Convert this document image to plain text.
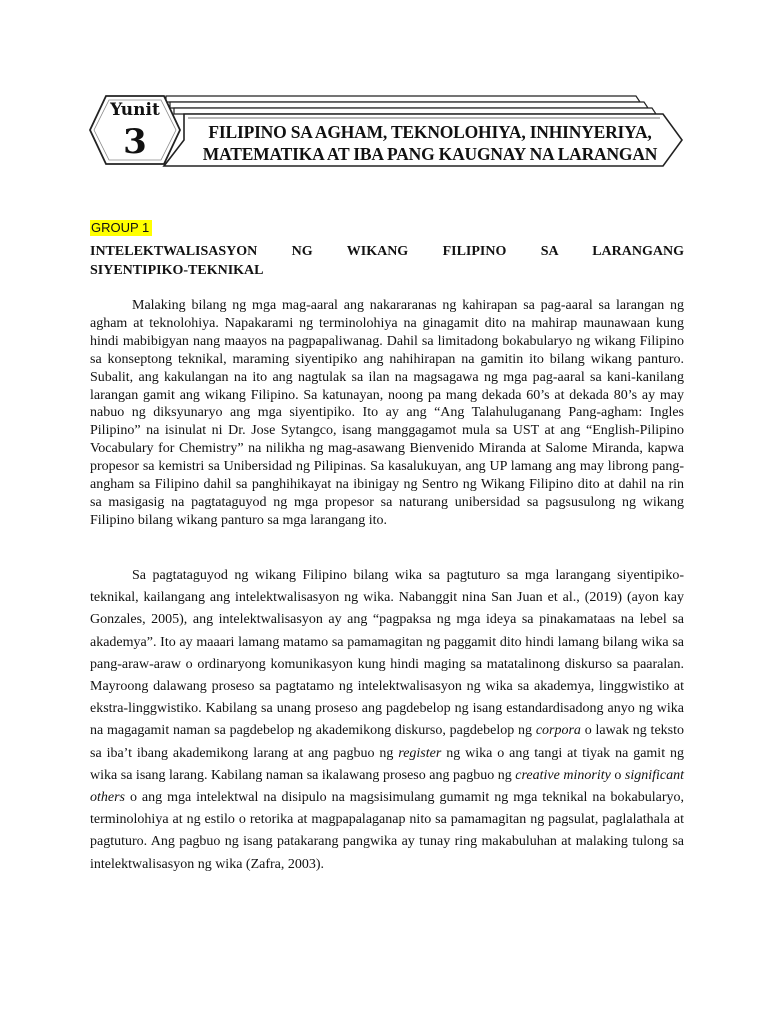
Yunit
3	FILIPINO SA AGHAM, TEKNOLOHIYA, INHINYERIYA,
MATEMATIKA AT IBA PANG KAUGNAY NA LARANGAN
GROUP 1
INTELEKTWALISASYON NG WIKANG FILIPINO SA LARANGANG
SIYENTIPIKO-TEKNIKAL

Malaking bilang ng mga mag-aaral ang nakararanas ng kahirapan sa pag-aaral sa larangan ng agham at teknolohiya. Napakarami ng terminolohiya na ginagamit dito na mahirap maunawaan kung hindi mabibigyan nang maayos na pagpapaliwanag. Dahil sa limitadong bokabularyo ng wikang Filipino sa konseptong teknikal, maraming siyentipiko ang nahihirapan na gamitin ito bilang wikang panturo. Subalit, ang kakulangan na ito ang nagtulak sa ilan na magsagawa ng mga pag-aaral sa kani-kanilang larangan gamit ang wikang Filipino. Sa katunayan, noong pa mang dekada 60’s at dekada 80’s ay may nabuo ng diksyunaryo ang mga siyentipiko. Ito ay ang “Ang Talahuluganang Pang-agham: Ingles Pilipino” na isinulat ni Dr. Jose Sytangco, isang manggagamot mula sa UST at ang “English-Pilipino Vocabulary for Chemistry” na nilikha ng mag-asawang Bienvenido Miranda at Salome Miranda, kapwa propesor sa kemistri sa Unibersidad ng Pilipinas. Sa kasalukuyan, ang UP lamang ang may librong pang-angham sa Filipino dahil sa panghihikayat na ibinigay ng Sentro ng Wikang Filipino dito at dahil na rin sa masigasig na pagtataguyod ng mga propesor sa naturang unibersidad sa pagsusulong ng wikang Filipino bilang wikang panturo sa mga larangang ito.

Sa pagtataguyod ng wikang Filipino bilang wika sa pagtuturo sa mga larangang siyentipiko-teknikal, kailangang ang intelektwalisasyon ng wika. Nabanggit nina San Juan et al., (2019) (ayon kay Gonzales, 2005), ang intelektwalisasyon ay ang “pagpaksa ng mga ideya sa pinakamataas na lebel sa akademya”. Ito ay maaari lamang matamo sa pamamagitan ng paggamit dito hindi lamang bilang wika sa pang-araw-araw o ordinaryong komunikasyon kung hindi maging sa matatalinong diskurso sa paaralan. Mayroong dalawang proseso sa pagtatamo ng intelektwalisasyon ng wika sa akademya, linggwistiko at ekstra-linggwistiko. Kabilang sa unang proseso ang pagdebelop ng isang estandardisadong anyo ng wika na magagamit naman sa pagdebelop ng akademikong diskurso, pagdebelop ng corpora o lawak ng teksto sa iba’t ibang akademikong larang at ang pagbuo ng register ng wika o ang tangi at tiyak na gamit ng wika sa isang larang. Kabilang naman sa ikalawang proseso ang pagbuo ng creative minority o significant others o ang mga intelektwal na disipulo na magsisimulang gumamit ng mga teknikal na bokabularyo, terminolohiya at ng estilo o retorika at magpapalaganap nito sa pamamagitan ng pagsulat, paglalathala at pagtuturo. Ang pagbuo ng isang patakarang pangwika ay tunay ring makabuluhan at malaking tulong sa intelektwalisasyon ng wika (Zafra, 2003).
